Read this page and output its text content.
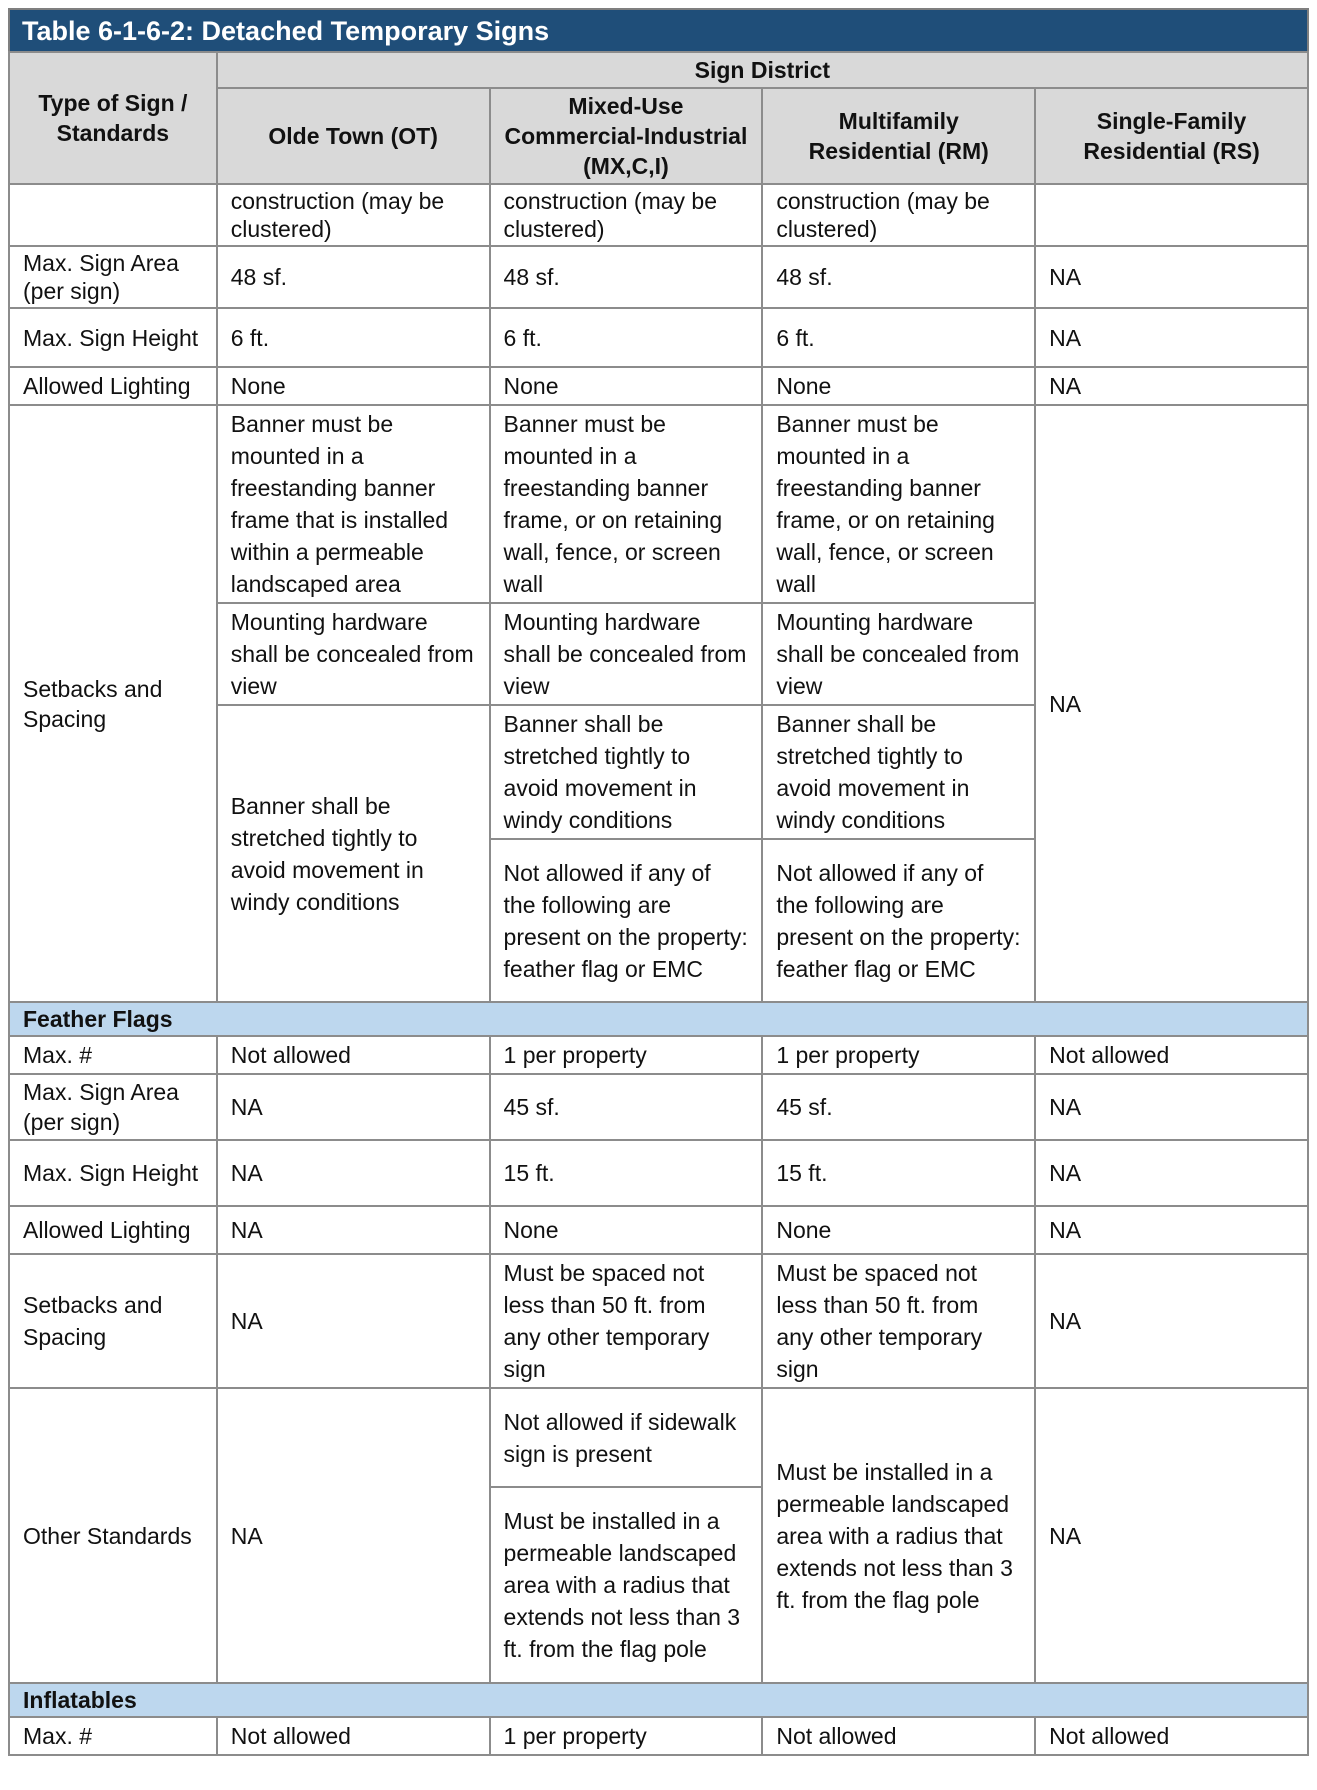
Table 6-1-6-2: Detached Temporary Signs
Type of Sign / Standards	Sign District			
	Olde Town (OT)	Mixed-Use Commercial-Industrial (MX,C,I)	Multifamily Residential (RM)	Single-Family Residential (RS)
	construction (may be clustered)	construction (may be clustered)	construction (may be clustered)	
Max. Sign Area (per sign)	48 sf.	48 sf.	48 sf.	NA
Max. Sign Height	6 ft.	6 ft.	6 ft.	NA
Allowed Lighting	None	None	None	NA
Setbacks and Spacing	Banner must be mounted in a freestanding banner frame that is installed within a permeable landscaped area	Banner must be mounted in a freestanding banner frame, or on retaining wall, fence, or screen wall	Banner must be mounted in a freestanding banner frame, or on retaining wall, fence, or screen wall	NA
	Mounting hardware shall be concealed from view	Mounting hardware shall be concealed from view	Mounting hardware shall be concealed from view	
	Banner shall be stretched tightly to avoid movement in windy conditions	Banner shall be stretched tightly to avoid movement in windy conditions	Banner shall be stretched tightly to avoid movement in windy conditions	
		Not allowed if any of the following are present on the property: feather flag or EMC	Not allowed if any of the following are present on the property: feather flag or EMC	
Feather Flags				
Max. #	Not allowed	1 per property	1 per property	Not allowed
Max. Sign Area (per sign)	NA	45 sf.	45 sf.	NA
Max. Sign Height	NA	15 ft.	15 ft.	NA
Allowed Lighting	NA	None	None	NA
Setbacks and Spacing	NA	Must be spaced not less than 50 ft. from any other temporary sign	Must be spaced not less than 50 ft. from any other temporary sign	NA
Other Standards	NA	Not allowed if sidewalk sign is present	Must be installed in a permeable landscaped area with a radius that extends not less than 3 ft. from the flag pole	NA
		Must be installed in a permeable landscaped area with a radius that extends not less than 3 ft. from the flag pole		
Inflatables				
Max. #	Not allowed	1 per property	Not allowed	Not allowed
